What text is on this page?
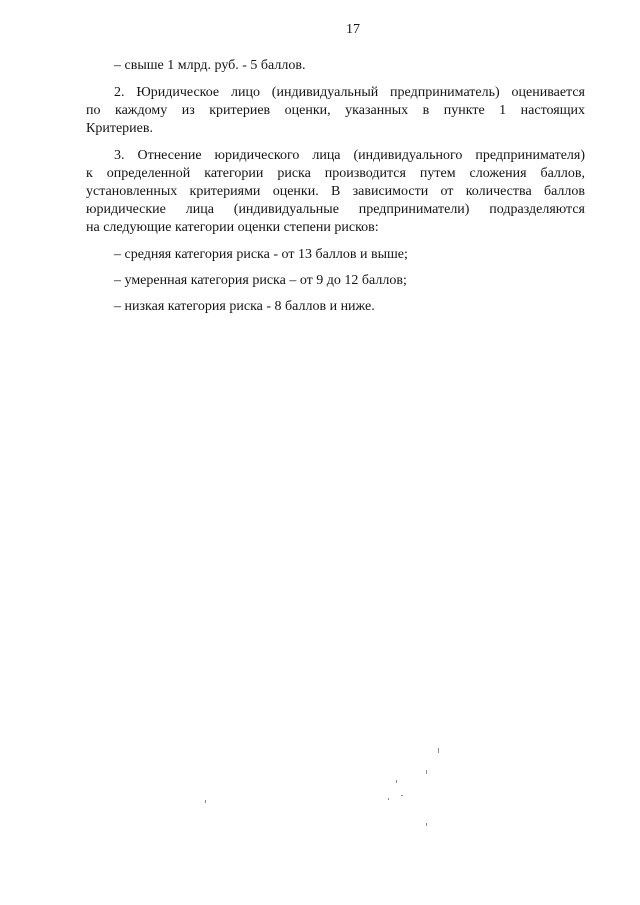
17
– свыше 1 млрд. руб. - 5 баллов.
2. Юридическое лицо (индивидуальный предприниматель) оценивается
по каждому из критериев оценки, указанных в пункте 1 настоящих
Критериев.
3. Отнесение юридического лица (индивидуального предпринимателя)
к определенной категории риска производится путем сложения баллов,
установленных критериями оценки. В зависимости от количества баллов
юридические лица (индивидуальные предприниматели) подразделяются
на следующие категории оценки степени рисков:
– средняя категория риска - от 13 баллов и выше;
– умеренная категория риска – от 9 до 12 баллов;
– низкая категория риска - 8 баллов и ниже.
